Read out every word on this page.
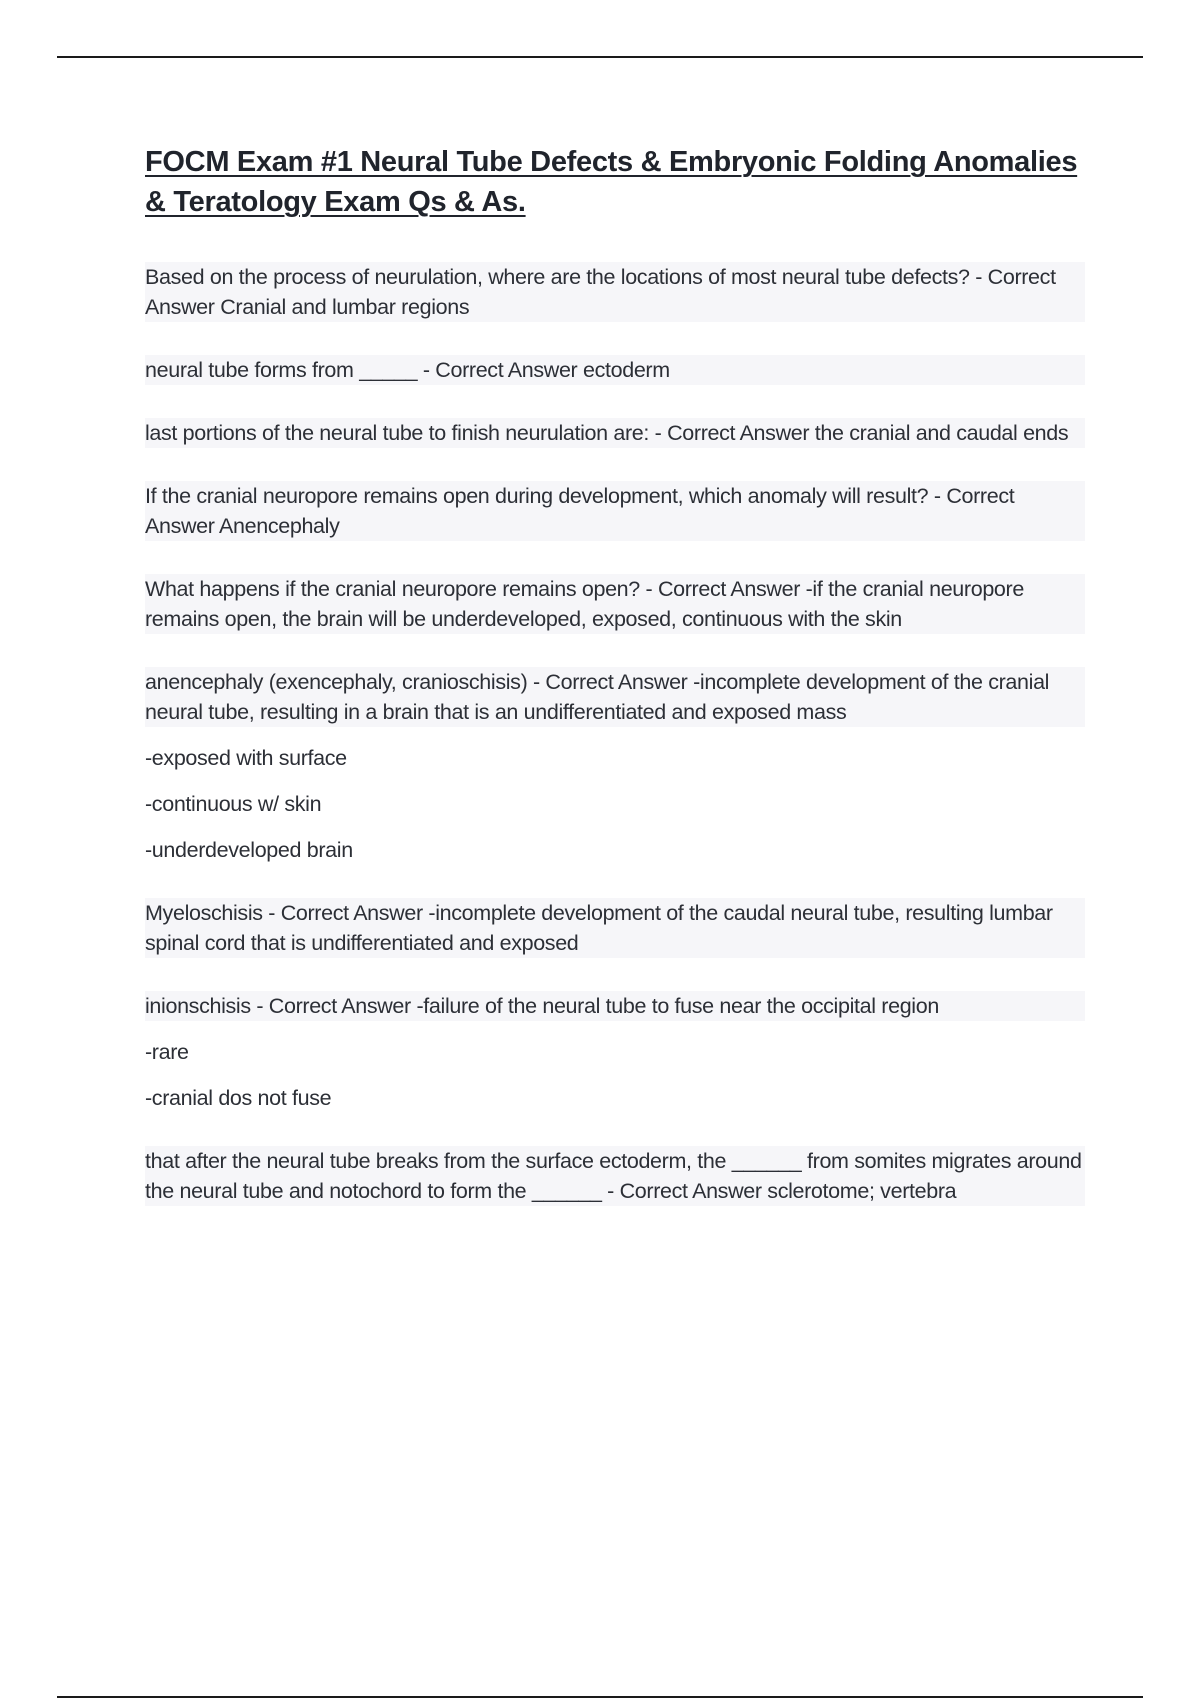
FOCM Exam #1 Neural Tube Defects & Embryonic Folding Anomalies & Teratology Exam Qs & As.

Based on the process of neurulation, where are the locations of most neural tube defects? - Correct Answer Cranial and lumbar regions

neural tube forms from _____ - Correct Answer ectoderm

last portions of the neural tube to finish neurulation are: - Correct Answer the cranial and caudal ends

If the cranial neuropore remains open during development, which anomaly will result? - Correct Answer Anencephaly

What happens if the cranial neuropore remains open? - Correct Answer -if the cranial neuropore remains open, the brain will be underdeveloped, exposed, continuous with the skin

anencephaly (exencephaly, cranioschisis) - Correct Answer -incomplete development of the cranial neural tube, resulting in a brain that is an undifferentiated and exposed mass

-exposed with surface

-continuous w/ skin

-underdeveloped brain

Myeloschisis - Correct Answer -incomplete development of the caudal neural tube, resulting lumbar spinal cord that is undifferentiated and exposed

inionschisis - Correct Answer -failure of the neural tube to fuse near the occipital region

-rare

-cranial dos not fuse

that after the neural tube breaks from the surface ectoderm, the ______ from somites migrates around the neural tube and notochord to form the ______ - Correct Answer sclerotome; vertebra
